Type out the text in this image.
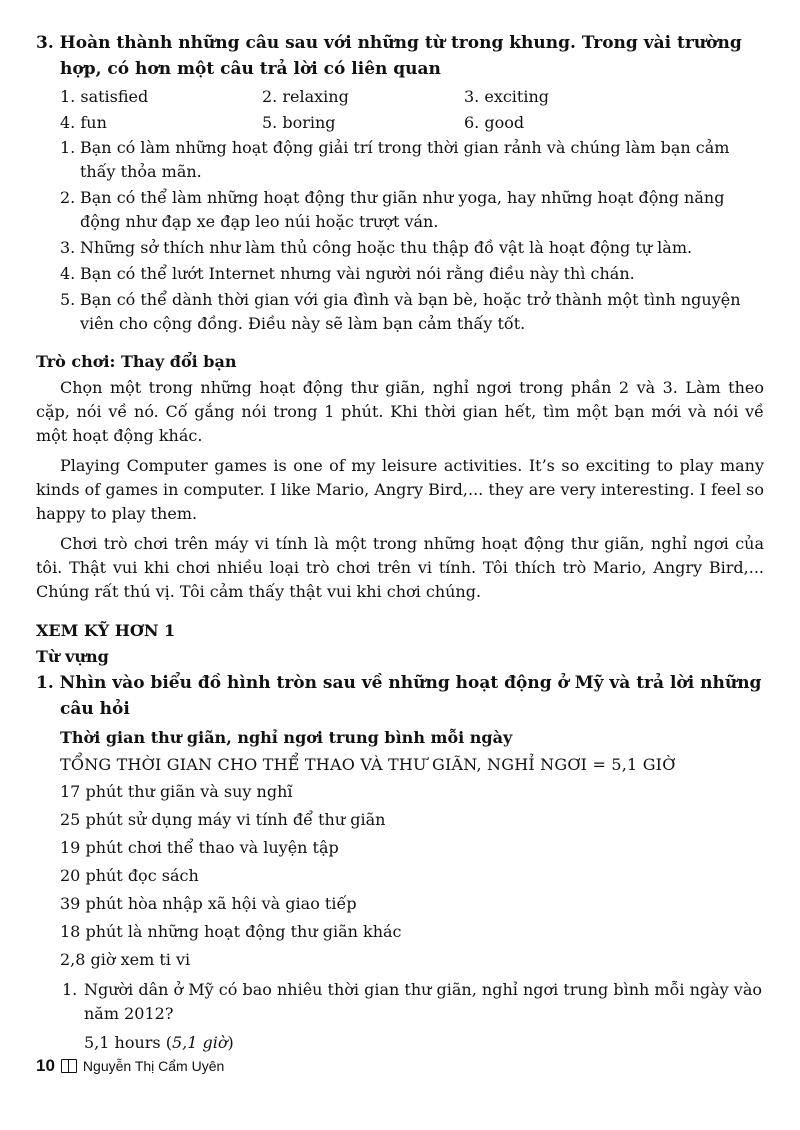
3. Hoàn thành những câu sau với những từ trong khung. Trong vài trường
hợp, có hơn một câu trả lời có liên quan
1. satisfied	2. relaxing	3. exciting
4. fun	5. boring	6. good
1. Bạn có làm những hoạt động giải trí trong thời gian rảnh và chúng làm bạn cảm thấy thỏa mãn.
2. Bạn có thể làm những hoạt động thư giãn như yoga, hay những hoạt động năng động như đạp xe đạp leo núi hoặc trượt ván.
3. Những sở thích như làm thủ công hoặc thu thập đồ vật là hoạt động tự làm.
4. Bạn có thể lướt Internet nhưng vài người nói rằng điều này thì chán.
5. Bạn có thể dành thời gian với gia đình và bạn bè, hoặc trở thành một tình nguyện viên cho cộng đồng. Điều này sẽ làm bạn cảm thấy tốt.
Trò chơi: Thay đổi bạn

Chọn một trong những hoạt động thư giãn, nghỉ ngơi trong phần 2 và 3. Làm theo cặp, nói về nó. Cố gắng nói trong 1 phút. Khi thời gian hết, tìm một bạn mới và nói về một hoạt động khác.

Playing Computer games is one of my leisure activities. It’s so exciting to play many kinds of games in computer. I like Mario, Angry Bird,... they are very interesting. I feel so happy to play them.

Chơi trò chơi trên máy vi tính là một trong những hoạt động thư giãn, nghỉ ngơi của tôi. Thật vui khi chơi nhiều loại trò chơi trên vi tính. Tôi thích trò Mario, Angry Bird,... Chúng rất thú vị. Tôi cảm thấy thật vui khi chơi chúng.

XEM KỸ HƠN 1
Từ vựng
1. Nhìn vào biểu đồ hình tròn sau về những hoạt động ở Mỹ và trả lời những
câu hỏi
Thời gian thư giãn, nghỉ ngơi trung bình mỗi ngày
TỔNG THỜI GIAN CHO THỂ THAO VÀ THƯ GIÃN, NGHỈ NGƠI = 5,1 GIỜ
17 phút thư giãn và suy nghĩ
25 phút sử dụng máy vi tính để thư giãn
19 phút chơi thể thao và luyện tập
20 phút đọc sách
39 phút hòa nhập xã hội và giao tiếp
18 phút là những hoạt động thư giãn khác
2,8 giờ xem ti vi
1. Người dân ở Mỹ có bao nhiêu thời gian thư giãn, nghỉ ngơi trung bình mỗi ngày vào năm 2012?
5,1 hours (5,1 giờ)
10 Nguyễn Thị Cẩm Uyên
